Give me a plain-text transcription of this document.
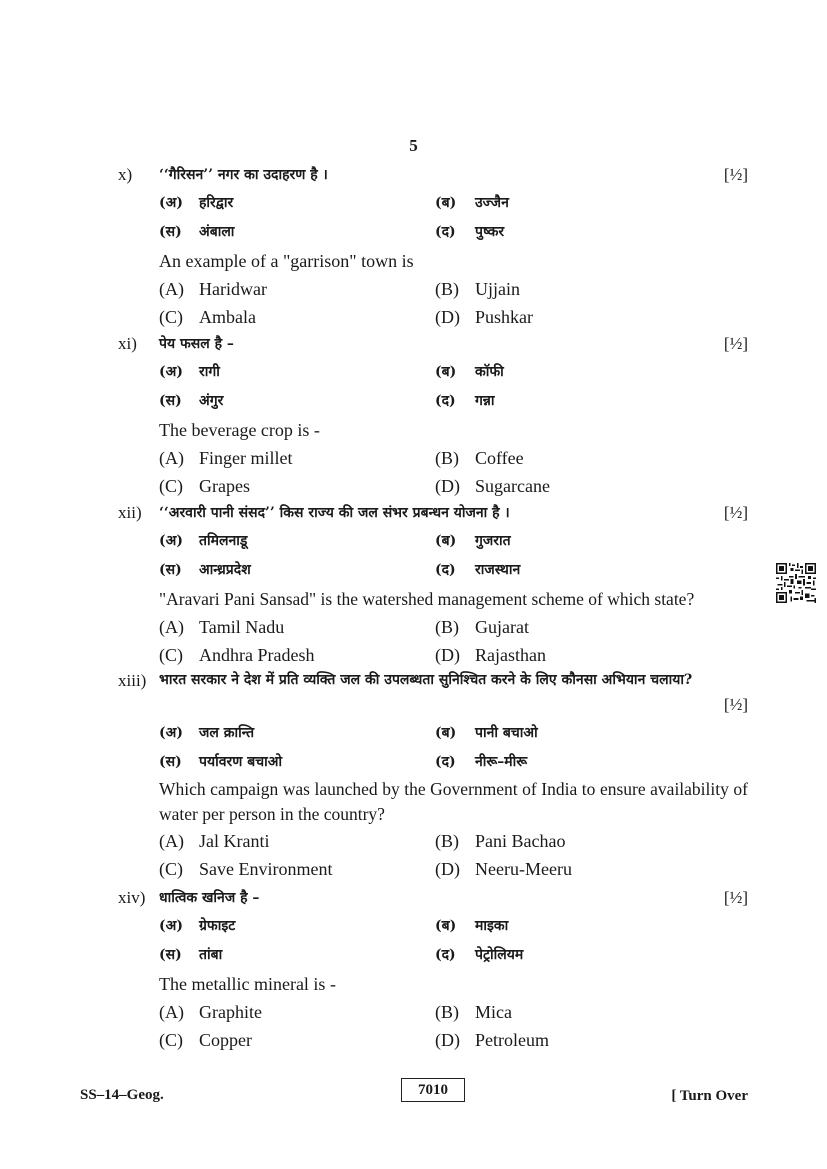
5
x) ‘‘गैरिसन’’ नगर का उदाहरण है ।	[½]
(अ) हरिद्वार	(ब) उज्जैन
(स) अंबाला	(द) पुष्कर
An example of a "garrison" town is
(A) Haridwar	(B) Ujjain
(C) Ambala	(D) Pushkar
xi) पेय फसल है –	[½]
(अ) रागी	(ब) कॉफी
(स) अंगुर	(द) गन्ना
The beverage crop is -
(A) Finger millet	(B) Coffee
(C) Grapes	(D) Sugarcane
xii) ‘‘अरवारी पानी संसद’’ किस राज्य की जल संभर प्रबन्धन योजना है ।	[½]
(अ) तमिलनाडू	(ब) गुजरात
(स) आन्ध्रप्रदेश	(द) राजस्थान
"Aravari Pani Sansad" is the watershed management scheme of which state?
(A) Tamil Nadu	(B) Gujarat
(C) Andhra Pradesh	(D) Rajasthan
xiii) भारत सरकार ने देश में प्रति व्यक्ति जल की उपलब्धता सुनिश्चित करने के लिए कौनसा अभियान चलाया?
[½]
(अ) जल क्रान्ति	(ब) पानी बचाओ
(स) पर्यावरण बचाओ	(द) नीरू–मीरू
Which campaign was launched by the Government of India to ensure availability of water per person in the country?
(A) Jal Kranti	(B) Pani Bachao
(C) Save Environment	(D) Neeru-Meeru
xiv) धात्विक खनिज है –	[½]
(अ) ग्रेफाइट	(ब) माइका
(स) तांबा	(द) पेट्रोलियम
The metallic mineral is -
(A) Graphite	(B) Mica
(C) Copper	(D) Petroleum
SS–14–Geog.	7010	[ Turn Over
